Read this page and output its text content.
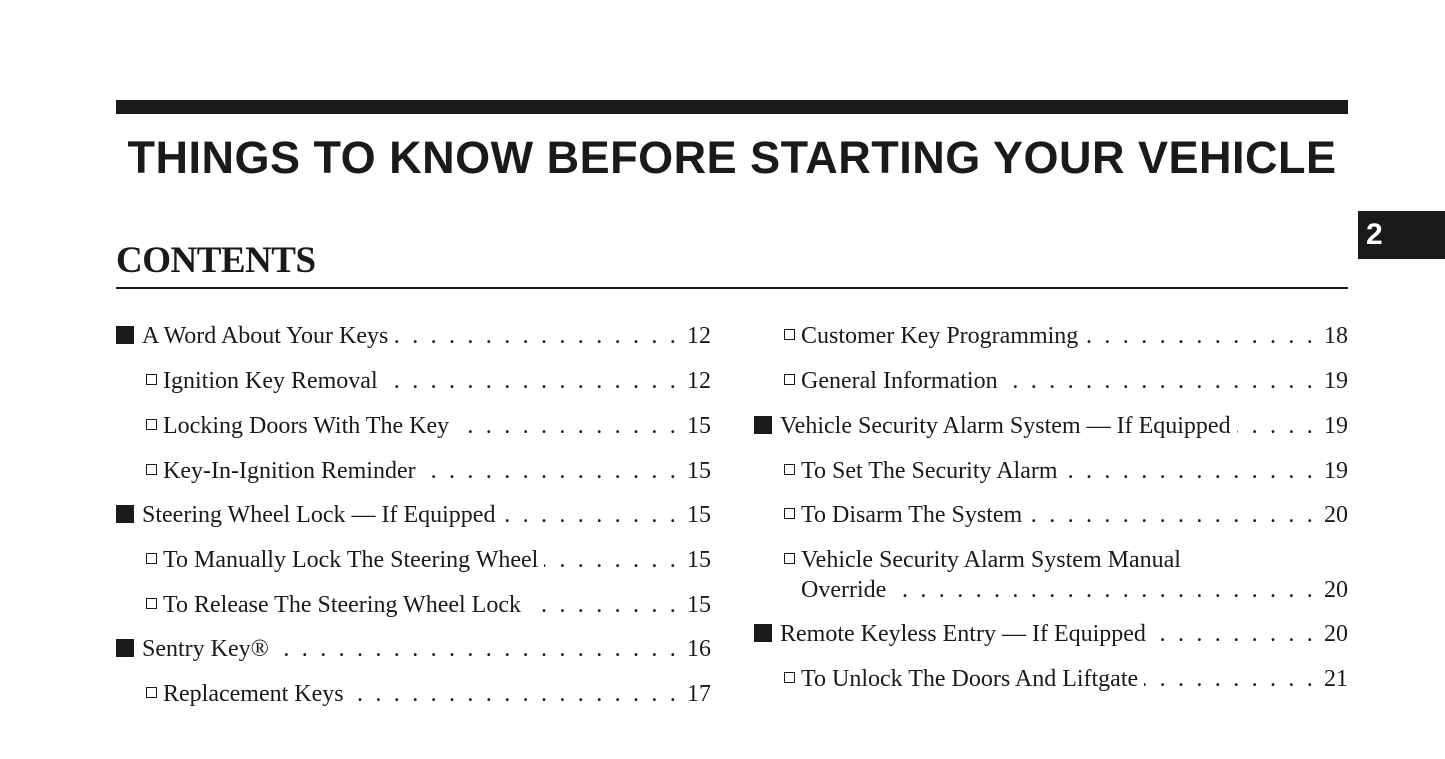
THINGS TO KNOW BEFORE STARTING YOUR VEHICLE
2
CONTENTS
A Word About Your Keys . . .	12
Ignition Key Removal . . .	12
Locking Doors With The Key . . .	15
Key-In-Ignition Reminder . . .	15
Steering Wheel Lock — If Equipped . . .	15
To Manually Lock The Steering Wheel . . .	15
To Release The Steering Wheel Lock . . .	15
Sentry Key® . . .	16
Replacement Keys . . .	17
Customer Key Programming . . .	18
General Information . . .	19
Vehicle Security Alarm System — If Equipped . . .	19
To Set The Security Alarm . . .	19
To Disarm The System . . .	20
Vehicle Security Alarm System Manual
Override . . .	20
Remote Keyless Entry — If Equipped . . .	20
To Unlock The Doors And Liftgate . . .	21
